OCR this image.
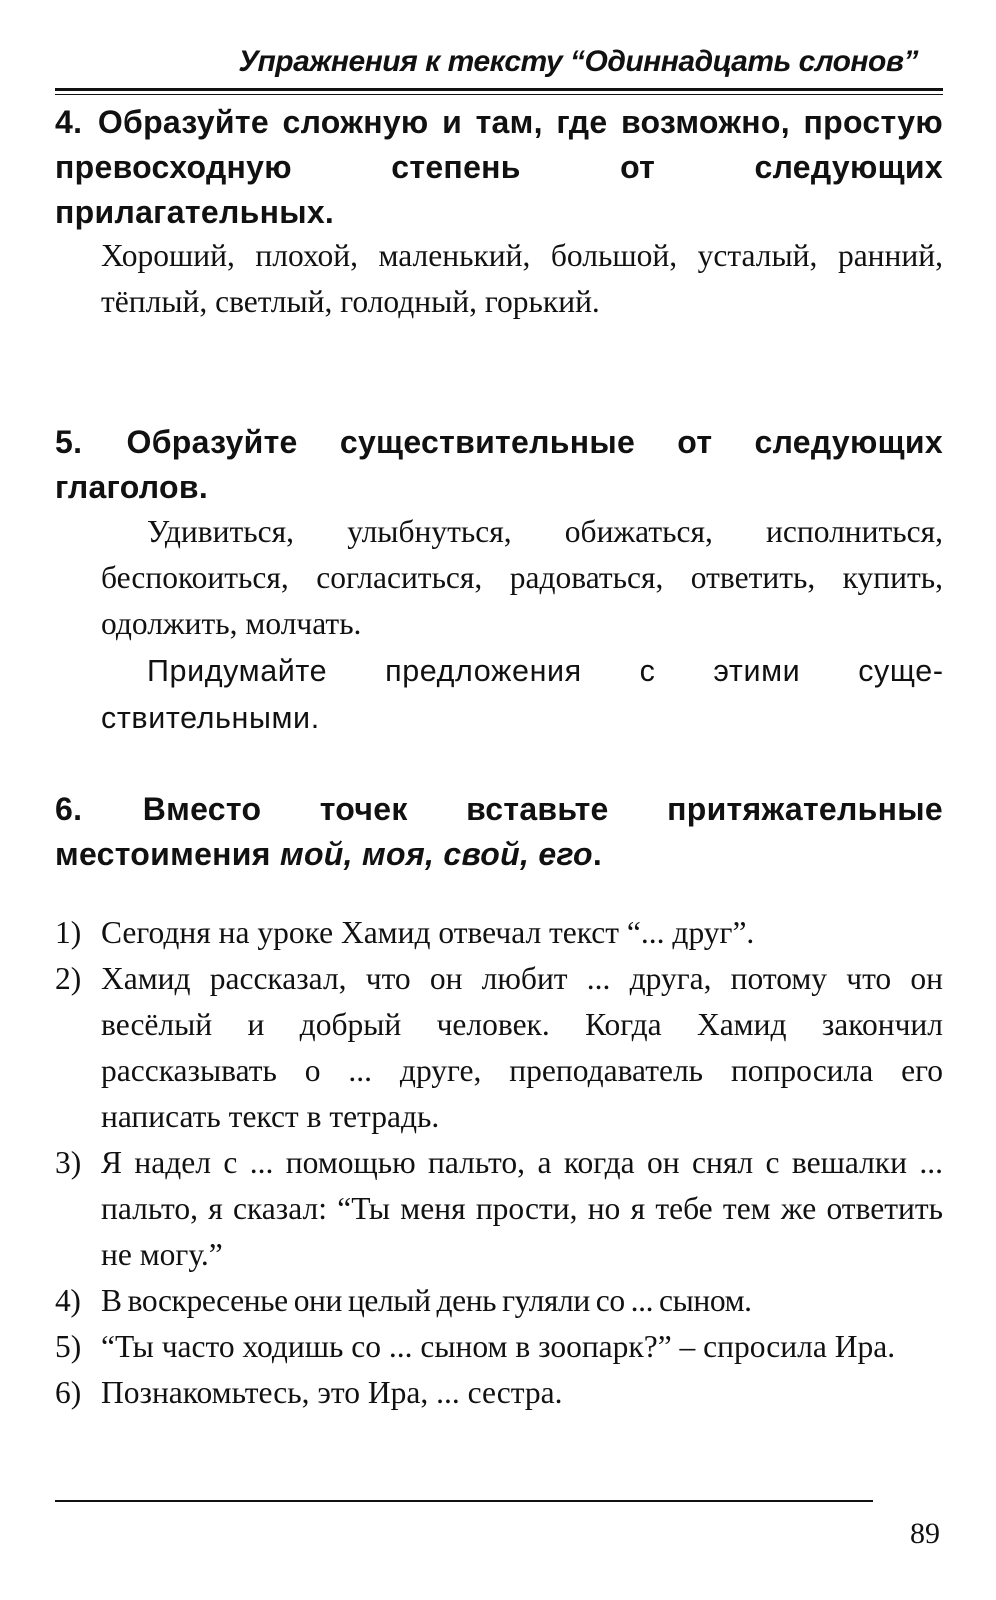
Упражнения к тексту “Одиннадцать слонов”
4. Образуйте сложную и там, где возможно, простую превосходную степень от следующих прилагательных.
Хороший, плохой, маленький, большой, усталый, ранний, тёплый, светлый, голодный, горький.
5. Образуйте существительные от следующих глаголов.
Удивиться, улыбнуться, обижаться, исполниться, беспокоиться, согласиться, радоваться, ответить, купить, одолжить, молчать.
Придумайте предложения с этими существительными.
6. Вместо точек вставьте притяжательные местоимения мой, моя, свой, его.
1) Сегодня на уроке Хамид отвечал текст “... друг”.
2) Хамид рассказал, что он любит ... друга, потому что он весёлый и добрый человек. Когда Хамид закончил рассказывать о ... друге, преподаватель попросила его написать текст в тетрадь.
3) Я надел с ... помощью пальто, а когда он снял с вешалки ... пальто, я сказал: “Ты меня прости, но я тебе тем же ответить не могу.”
4) В воскресенье они целый день гуляли со ... сыном.
5) “Ты часто ходишь со ... сыном в зоопарк?” – спросила Ира.
6) Познакомьтесь, это Ира, ... сестра.
89
